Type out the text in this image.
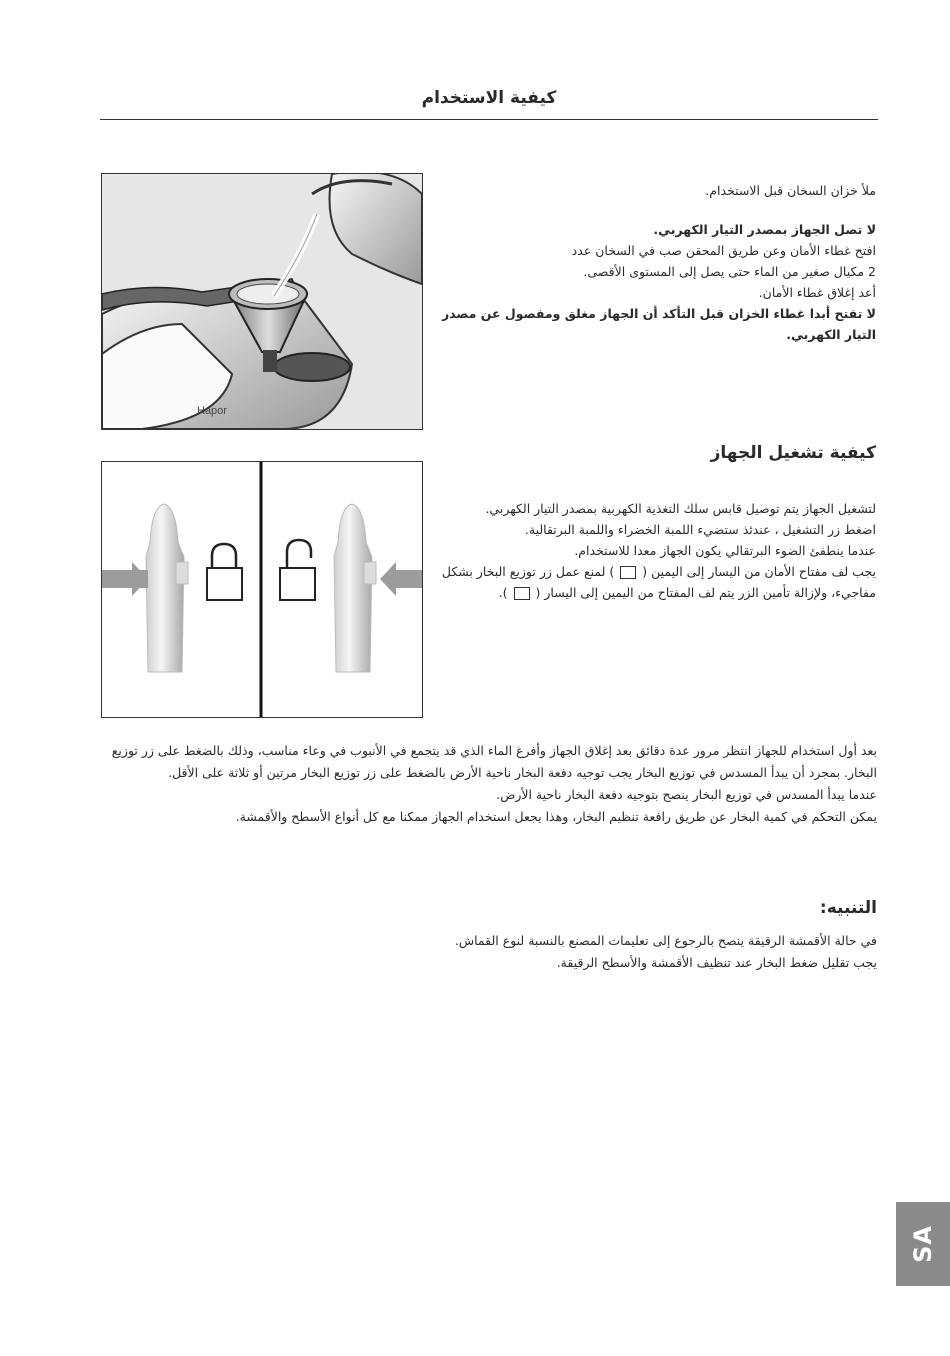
كيفية الاستخدام
Hapor

ملأ خزان السخان قبل الاستخدام.

لا تصل الجهاز بمصدر التيار الكهربي.

افتح غطاء الأمان وعن طريق المحقن صب في السخان عدد

2 مكيال صغير من الماء حتى يصل إلى المستوى الأقصى.

أعد إغلاق غطاء الأمان.

لا تفتح أبدا غطاء الخزان قبل التأكد أن الجهاز مغلق ومفصول عن مصدر التيار الكهربي.

كيفية تشغيل الجهاز

لتشغيل الجهاز يتم توصيل قابس سلك التغذية الكهربية بمصدر التيار الكهربي.

اضغط زر التشغيل ، عندئذ ستضيء اللمبة الخضراء واللمبة البرتقالية.

عندما ينطفئ الضوء البرتقالي يكون الجهاز معدا للاستخدام.

يجب لف مفتاح الأمان من اليسار إلى اليمين (  ) لمنع عمل زر توزيع البخار بشكل مفاجيء، ولإزالة تأمين الزر يتم لف المفتاح من اليمين إلى اليسار (  ).

بعد أول استخدام للجهاز انتظر مرور عدة دقائق بعد إغلاق الجهاز وأفرغ الماء الذي قد يتجمع في الأنبوب في وعاء مناسب، وذلك بالضغط على زر توزيع البخار. بمجرد أن يبدأ المسدس في توزيع البخار يجب توجيه دفعة البخار ناحية الأرض بالضغط على زر توزيع البخار مرتين أو ثلاثة على الأقل.

عندما يبدأ المسدس في توزيع البخار ينصح بتوجيه دفعة البخار ناحية الأرض.

يمكن التحكم في كمية البخار عن طريق رافعة تنظيم البخار، وهذا يجعل استخدام الجهاز ممكنا مع كل أنواع الأسطح والأقمشة.

التنبيه:

في حالة الأقمشة الرقيقة ينصح بالرجوع إلى تعليمات المصنع بالنسبة لنوع القماش.

يجب تقليل ضغط البخار عند تنظيف الأقمشة والأسطح الرقيقة.

SA
